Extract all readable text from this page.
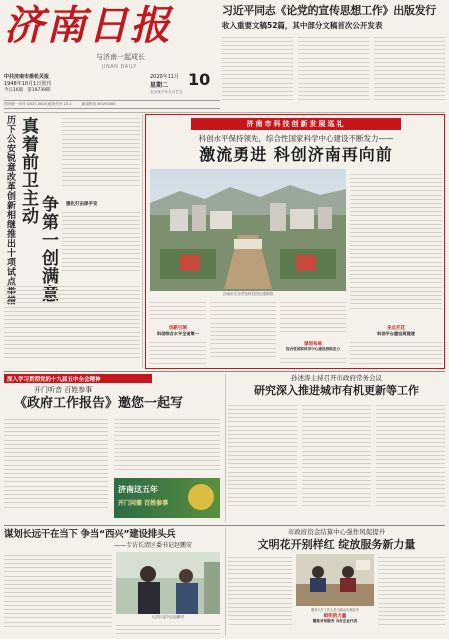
济南日报
与济南一起成长
JINAN DAILY
中共济南市委机关报
1948年10月1日创刊
今日16版 第19739期
2020年11月 10
星期二
农历庚子年九月廿五
国内统一刊号 CN37-0024 邮发代号 23-1	新闻热线 85193000
习近平同志《论党的宣传思想工作》出版发行
收入重要文稿52篇，其中部分文稿首次公开发表
历下公安锐意改革创新相继推出十项试点举措 真着前卫主动
争第一创满意 强化打击保平安
济南市科技创新发展巡礼
科创水平保持领先，综合性国家科学中心建设不断发力——
激流勇进 科创济南再向前
济南市区全景及科技园区建筑群
创新引领
科创综合水平全省第一
谋划布局
综合性国家科学中心建设持续发力
多点开花
科创平台建设再提速
深入学习贯彻党的十九届五中全会精神
开门听音 百姓参事
《政府工作报告》邀您一起写
济南这五年
开门问需 百姓参事
孙述涛主持召开市政府常务会议
研究深入推进城市有机更新等工作
谋划长远干在当下 争当“西兴”建设排头兵
——专访长清区委书记赵鹏安
长清区委书记赵鹏安
市政府资金结算中心强作风促提升
文明花开别样红 绽放服务新力量
服务大厅工作人员为群众办理业务
组织的力量
锻炼对待服务 当好企业代表
